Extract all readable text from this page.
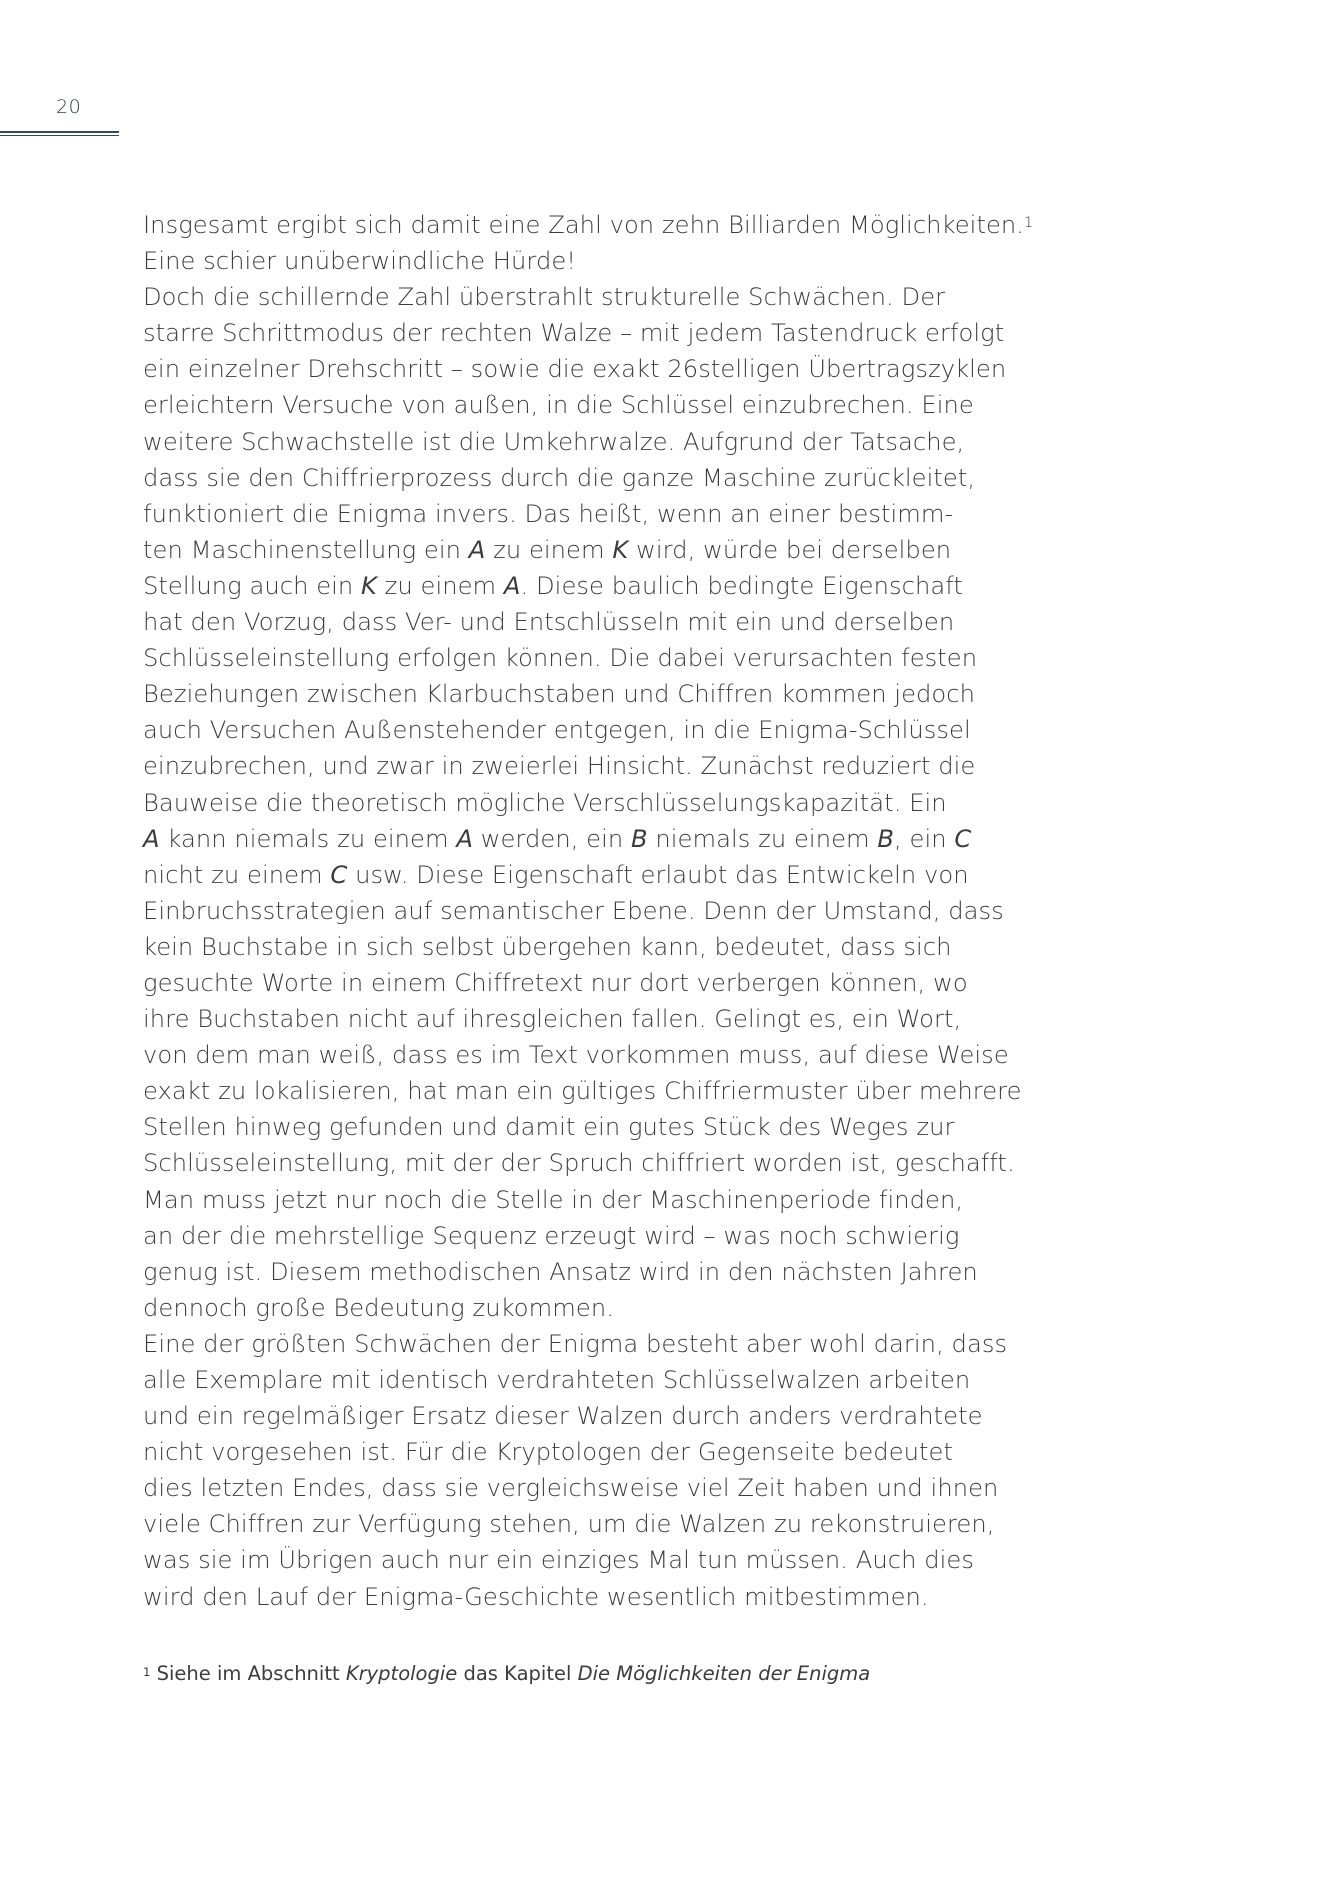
20
Insgesamt ergibt sich damit eine Zahl von zehn Billiarden Möglichkeiten.$^1$
Eine schier unüberwindliche Hürde!
Doch die schillernde Zahl überstrahlt strukturelle Schwächen. Der
starre Schrittmodus der rechten Walze – mit jedem Tastendruck erfolgt
ein einzelner Drehschritt – sowie die exakt 26stelligen Übertragszyklen
erleichtern Versuche von außen, in die Schlüssel einzubrechen. Eine
weitere Schwachstelle ist die Umkehrwalze. Aufgrund der Tatsache,
dass sie den Chiffrierprozess durch die ganze Maschine zurückleitet,
funktioniert die Enigma invers. Das heißt, wenn an einer bestimm-
ten Maschinenstellung ein A zu einem K wird, würde bei derselben
Stellung auch ein K zu einem A. Diese baulich bedingte Eigenschaft
hat den Vorzug, dass Ver- und Entschlüsseln mit ein und derselben
Schlüsseleinstellung erfolgen können. Die dabei verursachten festen
Beziehungen zwischen Klarbuchstaben und Chiffren kommen jedoch
auch Versuchen Außenstehender entgegen, in die Enigma-Schlüssel
einzubrechen, und zwar in zweierlei Hinsicht. Zunächst reduziert die
Bauweise die theoretisch mögliche Verschlüsselungskapazität. Ein
A kann niemals zu einem A werden, ein B niemals zu einem B, ein C
nicht zu einem C usw. Diese Eigenschaft erlaubt das Entwickeln von
Einbruchsstrategien auf semantischer Ebene. Denn der Umstand, dass
kein Buchstabe in sich selbst übergehen kann, bedeutet, dass sich
gesuchte Worte in einem Chiffretext nur dort verbergen können, wo
ihre Buchstaben nicht auf ihresgleichen fallen. Gelingt es, ein Wort,
von dem man weiß, dass es im Text vorkommen muss, auf diese Weise
exakt zu lokalisieren, hat man ein gültiges Chiffriermuster über mehrere
Stellen hinweg gefunden und damit ein gutes Stück des Weges zur
Schlüsseleinstellung, mit der der Spruch chiffriert worden ist, geschafft.
Man muss jetzt nur noch die Stelle in der Maschinenperiode finden,
an der die mehrstellige Sequenz erzeugt wird – was noch schwierig
genug ist. Diesem methodischen Ansatz wird in den nächsten Jahren
dennoch große Bedeutung zukommen.
Eine der größten Schwächen der Enigma besteht aber wohl darin, dass
alle Exemplare mit identisch verdrahteten Schlüsselwalzen arbeiten
und ein regelmäßiger Ersatz dieser Walzen durch anders verdrahtete
nicht vorgesehen ist. Für die Kryptologen der Gegenseite bedeutet
dies letzten Endes, dass sie vergleichsweise viel Zeit haben und ihnen
viele Chiffren zur Verfügung stehen, um die Walzen zu rekonstruieren,
was sie im Übrigen auch nur ein einziges Mal tun müssen. Auch dies
wird den Lauf der Enigma-Geschichte wesentlich mitbestimmen.
$^1$ Siehe im Abschnitt Kryptologie das Kapitel Die Möglichkeiten der Enigma
